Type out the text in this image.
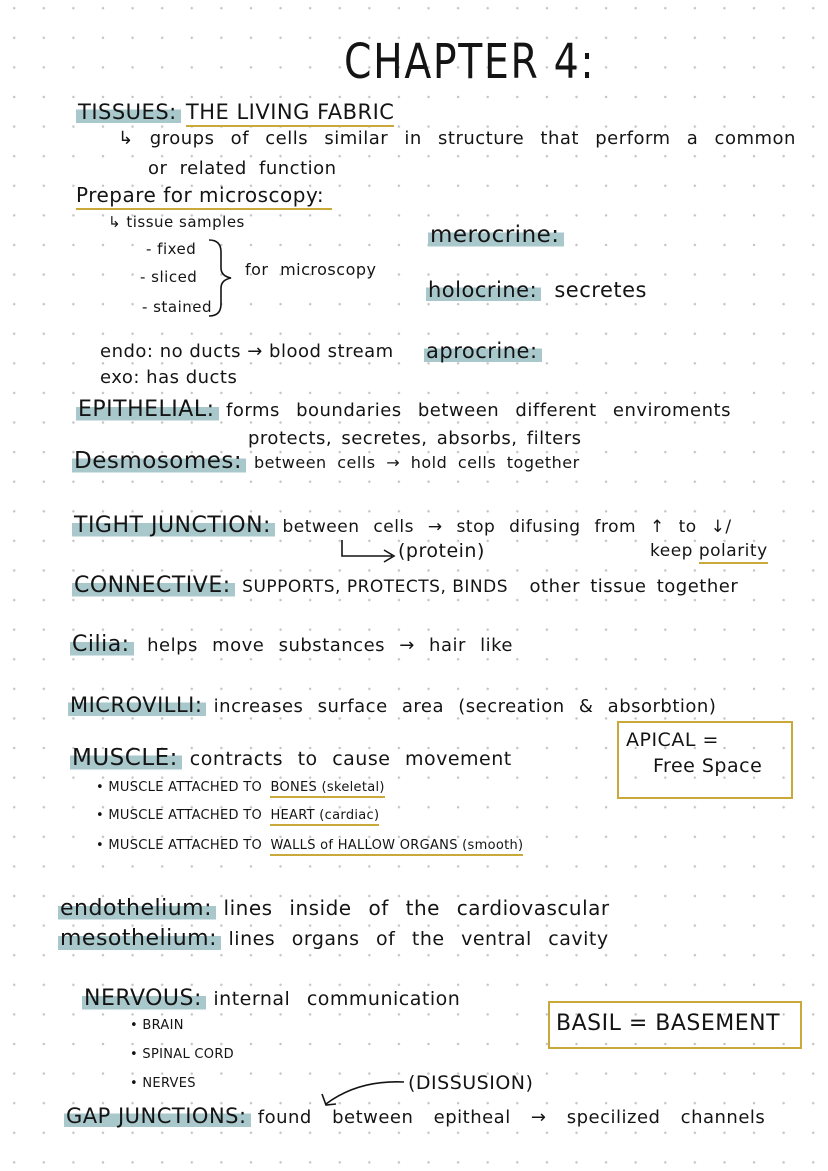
CHAPTER 4:
TISSUES: THE LIVING FABRIC
↳ groups of cells similar in structure that perform a common
or related function
Prepare for microscopy:
↳ tissue samples
- fixed
- sliced
- stained
for microscopy
merocrine:
holocrine: secretes
aprocrine:
endo: no ducts → blood stream
exo: has ducts
EPITHELIAL: forms boundaries between different enviroments
protects, secretes, absorbs, filters
Desmosomes: between cells → hold cells together
TIGHT JUNCTION: between cells → stop difusing from ↑ to ↓/
(protein)	keep polarity
CONNECTIVE: SUPPORTS, PROTECTS, BINDS other tissue together
Cilia: helps move substances → hair like
MICROVILLI: increases surface area (secreation & absorbtion)
APICAL =
Free Space
MUSCLE: contracts to cause movement
• MUSCLE ATTACHED TO BONES (skeletal)
• MUSCLE ATTACHED TO HEART (cardiac)
• MUSCLE ATTACHED TO WALLS of HALLOW ORGANS (smooth)
endothelium: lines inside of the cardiovascular
mesothelium: lines organs of the ventral cavity
NERVOUS: internal communication
• BRAIN
• SPINAL CORD
• NERVES
BASIL = BASEMENT
(DISSUSION)
GAP JUNCTIONS: found between epitheal → specilized channels
